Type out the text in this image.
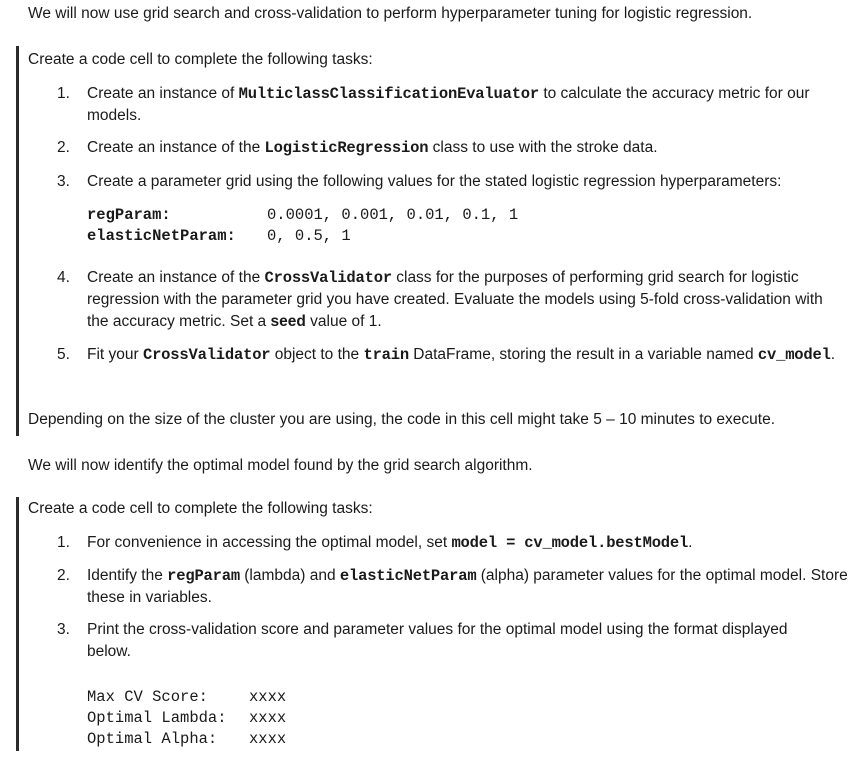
We will now use grid search and cross-validation to perform hyperparameter tuning for logistic regression.
Create a code cell to complete the following tasks:
1. Create an instance of MulticlassClassificationEvaluator to calculate the accuracy metric for our models.
2. Create an instance of the LogisticRegression class to use with the stroke data.
3. Create a parameter grid using the following values for the stated logistic regression hyperparameters:
regParam:	0.0001, 0.001, 0.01, 0.1, 1
elasticNetParam:	0, 0.5, 1
4. Create an instance of the CrossValidator class for the purposes of performing grid search for logistic regression with the parameter grid you have created. Evaluate the models using 5-fold cross-validation with the accuracy metric. Set a seed value of 1.
5. Fit your CrossValidator object to the train DataFrame, storing the result in a variable named cv_model.
Depending on the size of the cluster you are using, the code in this cell might take 5 – 10 minutes to execute.
We will now identify the optimal model found by the grid search algorithm.
Create a code cell to complete the following tasks:
1. For convenience in accessing the optimal model, set model = cv_model.bestModel.
2. Identify the regParam (lambda) and elasticNetParam (alpha) parameter values for the optimal model. Store these in variables.
3. Print the cross-validation score and parameter values for the optimal model using the format displayed below.
Max CV Score:	xxxx
Optimal Lambda:	xxxx
Optimal Alpha:	xxxx
